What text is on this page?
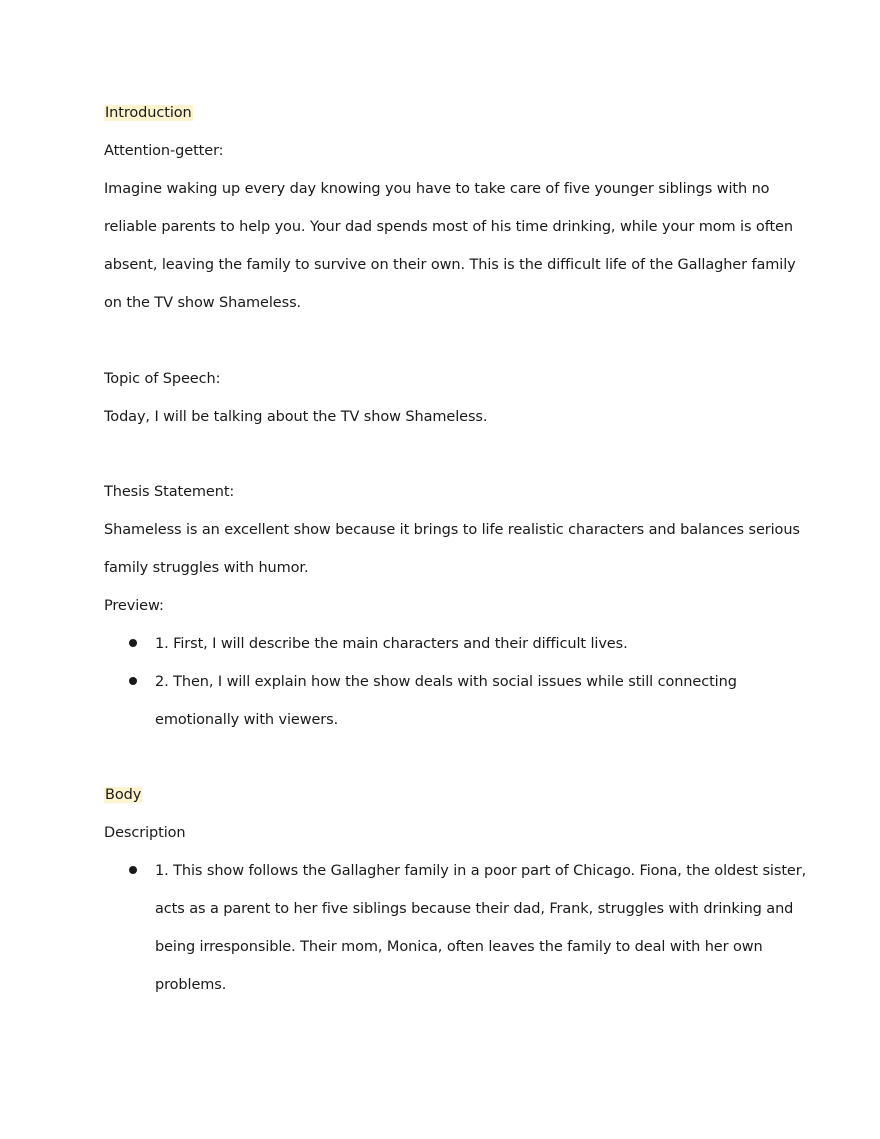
Introduction
Attention-getter:
Imagine waking up every day knowing you have to take care of five younger siblings with no
reliable parents to help you. Your dad spends most of his time drinking, while your mom is often
absent, leaving the family to survive on their own. This is the difficult life of the Gallagher family
on the TV show Shameless.
Topic of Speech:
Today, I will be talking about the TV show Shameless.
Thesis Statement:
Shameless is an excellent show because it brings to life realistic characters and balances serious
family struggles with humor.
Preview:
1. First, I will describe the main characters and their difficult lives.
2. Then, I will explain how the show deals with social issues while still connecting
emotionally with viewers.
Body
Description
1. This show follows the Gallagher family in a poor part of Chicago. Fiona, the oldest sister,
acts as a parent to her five siblings because their dad, Frank, struggles with drinking and
being irresponsible. Their mom, Monica, often leaves the family to deal with her own
problems.
